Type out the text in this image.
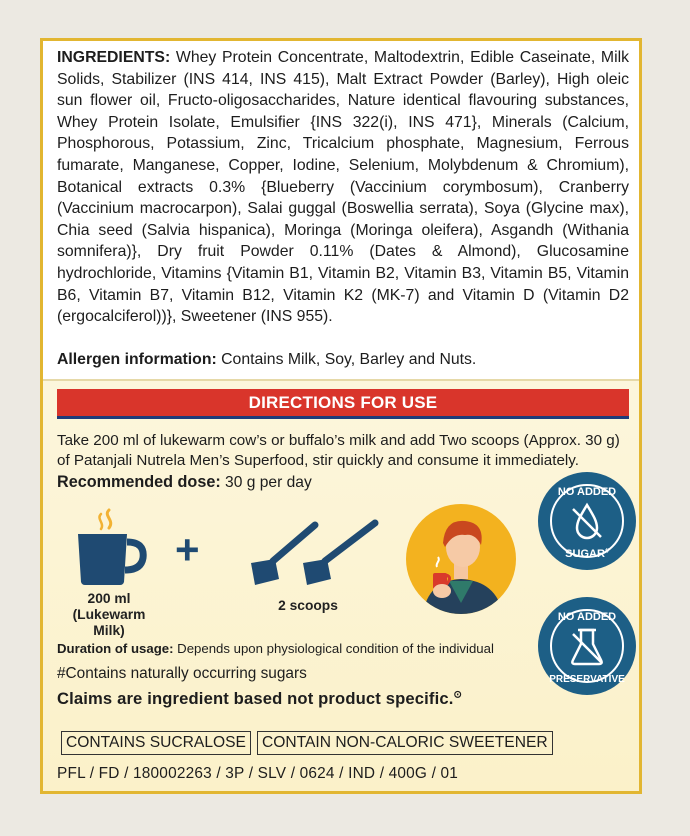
INGREDIENTS: Whey Protein Concentrate, Maltodextrin, Edible Caseinate, Milk Solids, Stabilizer (INS 414, INS 415), Malt Extract Powder (Barley), High oleic sun flower oil, Fructo-oligosaccharides, Nature identical flavouring substances, Whey Protein Isolate, Emulsifier {INS 322(i), INS 471}, Minerals (Calcium, Phosphorous, Potassium, Zinc, Tricalcium phosphate, Magnesium, Ferrous fumarate, Manganese, Copper, Iodine, Selenium, Molybdenum & Chromium), Botanical extracts 0.3% {Blueberry (Vaccinium corymbosum), Cranberry (Vaccinium macrocarpon), Salai guggal (Boswellia serrata), Soya (Glycine max), Chia seed (Salvia hispanica), Moringa (Moringa oleifera), Asgandh (Withania somnifera)}, Dry fruit Powder 0.11% (Dates & Almond), Glucosamine hydrochloride, Vitamins {Vitamin B1, Vitamin B2, Vitamin B3, Vitamin B5, Vitamin B6, Vitamin B7, Vitamin B12, Vitamin K2 (MK-7) and Vitamin D (Vitamin D2 (ergocalciferol))}, Sweetener (INS 955).

Allergen information: Contains Milk, Soy, Barley and Nuts.

DIRECTIONS FOR USE

Take 200 ml of lukewarm cow’s or buffalo’s milk and add Two scoops (Approx. 30 g) of Patanjali Nutrela Men’s Superfood, stir quickly and consume it immediately.

Recommended dose: 30 g per day

200 ml
(Lukewarm Milk)
+
2 scoops
NO ADDED
SUGAR#
NO ADDED
PRESERVATIVE

Duration of usage: Depends upon physiological condition of the individual

#Contains naturally occurring sugars

Claims are ingredient based not product specific.⊙

CONTAINS SUCRALOSE	CONTAIN NON-CALORIC SWEETENER

PFL / FD / 180002263 / 3P / SLV / 0624 / IND / 400G / 01
